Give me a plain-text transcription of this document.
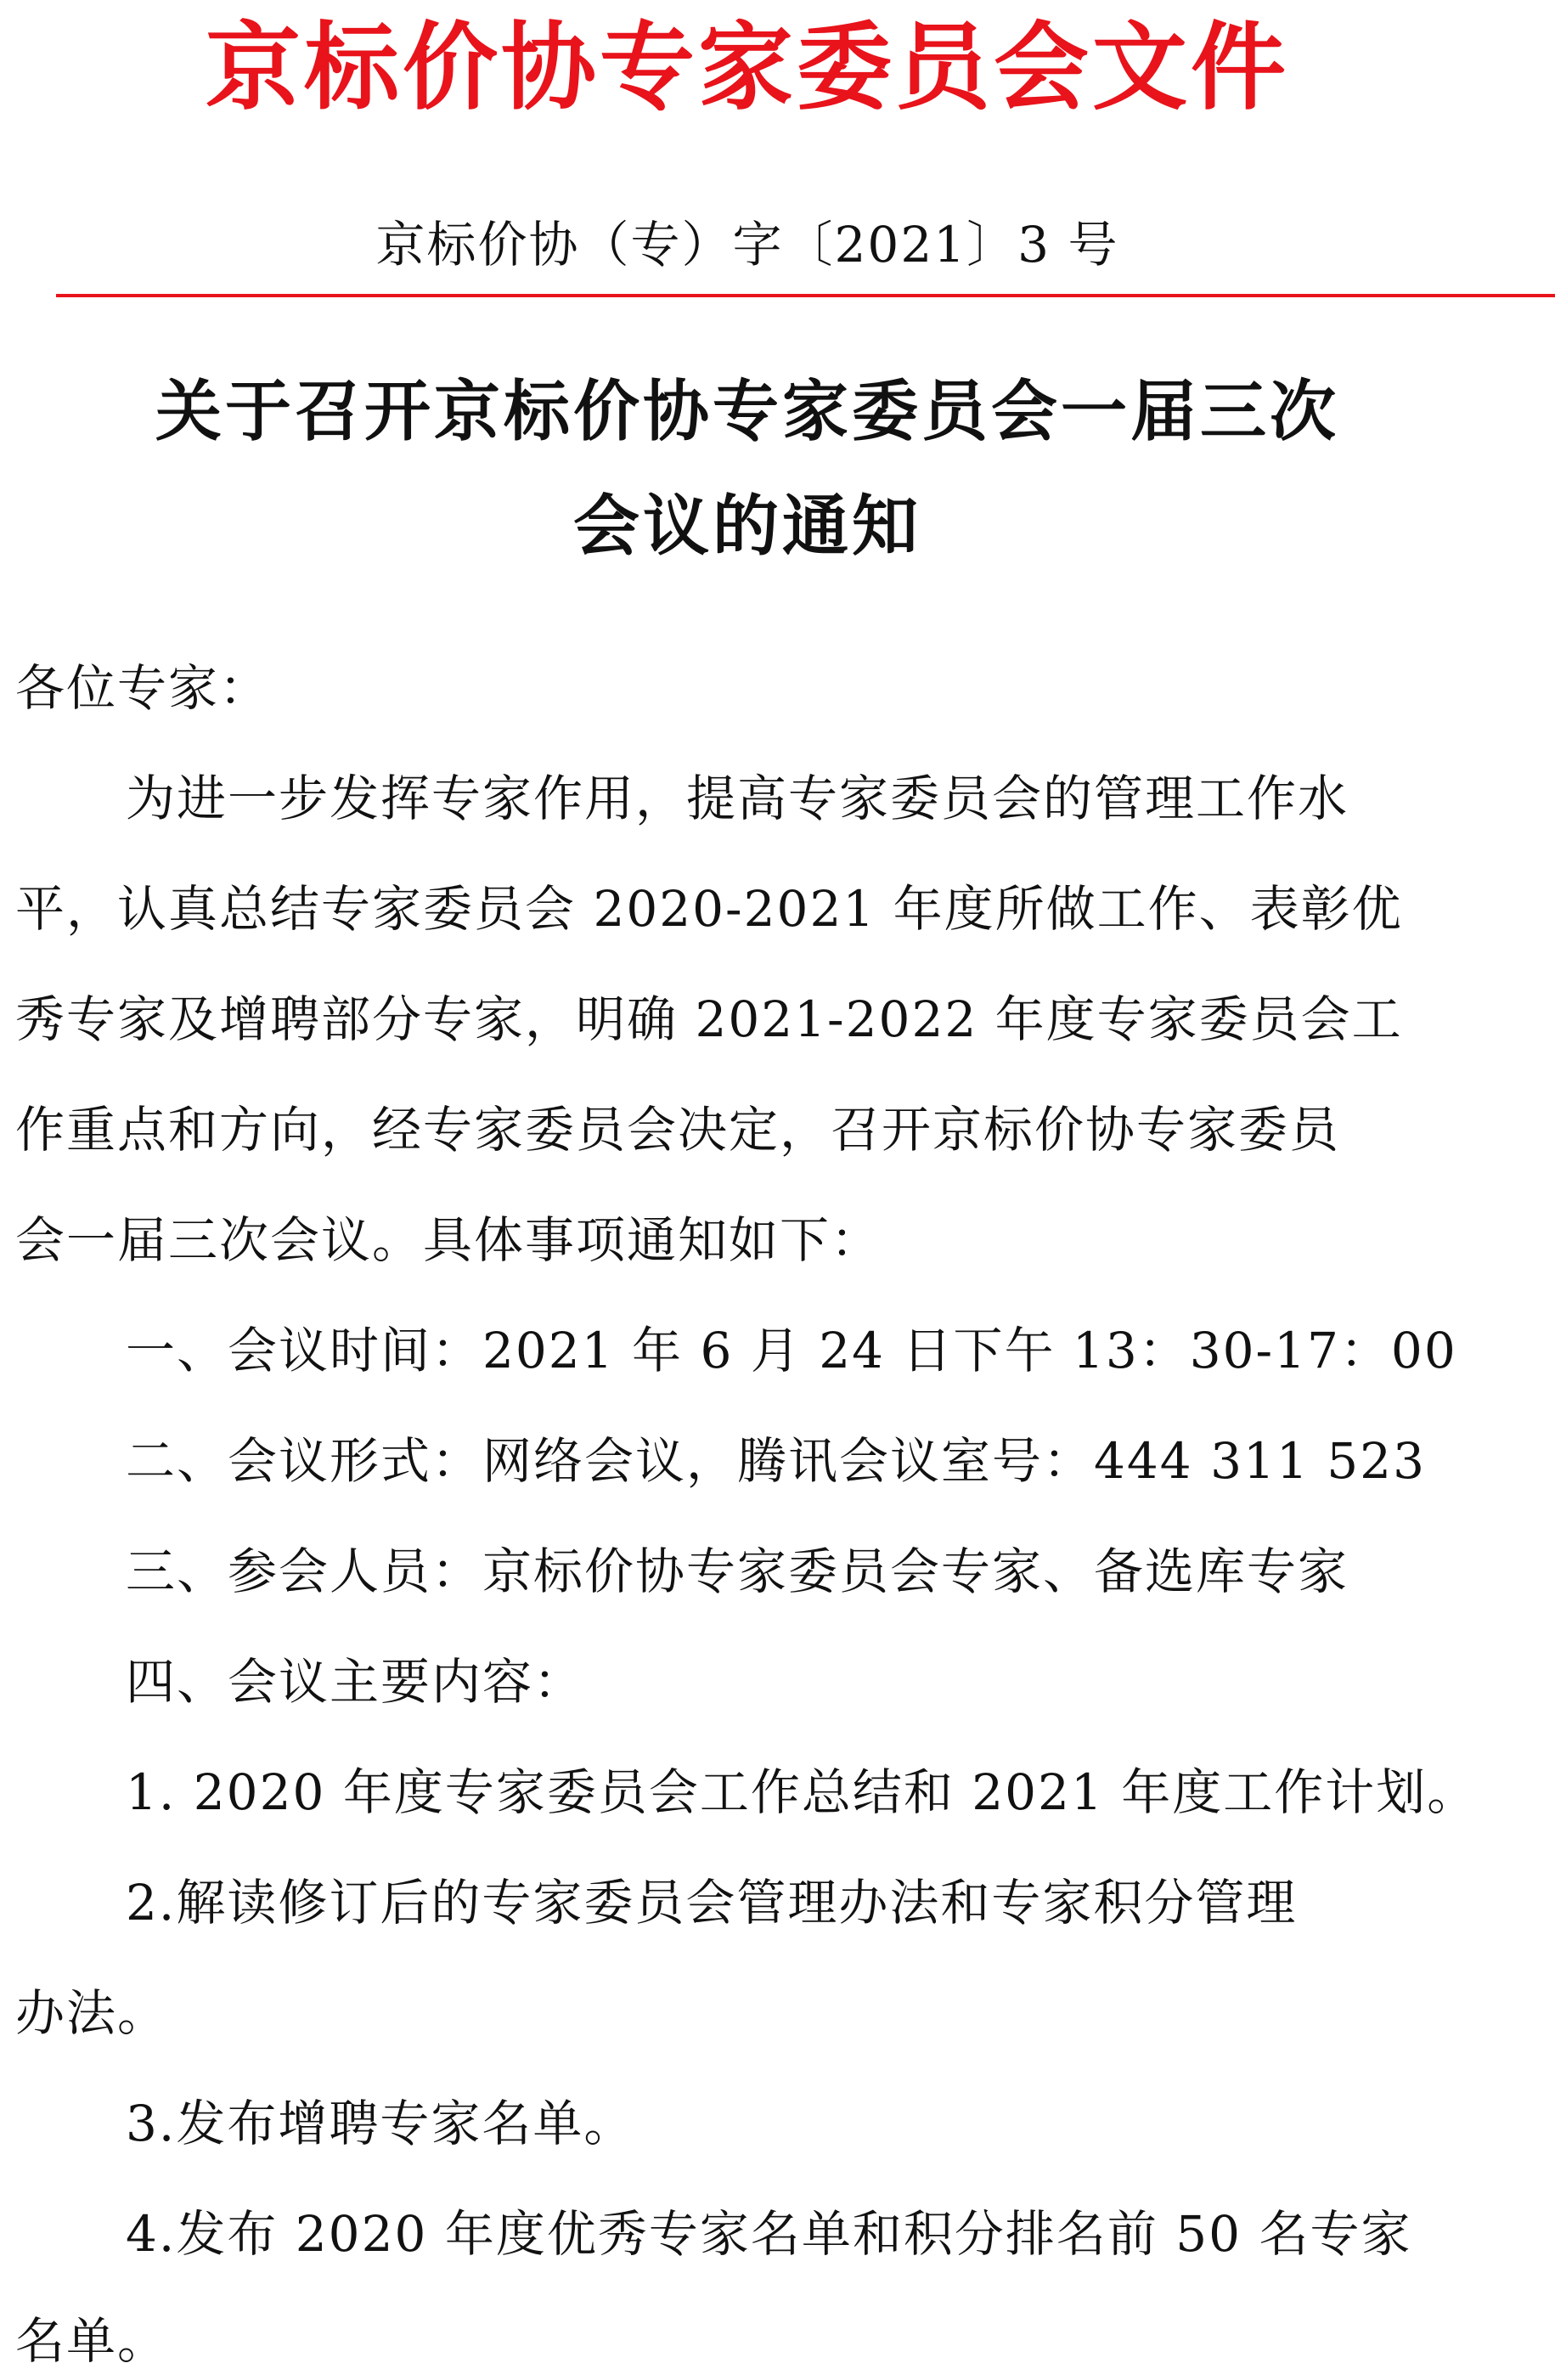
京标价协专家委员会文件
京标价协（专）字〔2021〕3 号
关于召开京标价协专家委员会一届三次
会议的通知
各位专家：
为进一步发挥专家作用，提高专家委员会的管理工作水
平，认真总结专家委员会 2020-2021 年度所做工作、表彰优
秀专家及增聘部分专家，明确 2021-2022 年度专家委员会工
作重点和方向，经专家委员会决定，召开京标价协专家委员
会一届三次会议。具体事项通知如下：
一、会议时间：2021 年 6 月 24 日下午 13：30-17：00
二、会议形式：网络会议，腾讯会议室号：444 311 523
三、参会人员：京标价协专家委员会专家、备选库专家
四、会议主要内容：
1. 2020 年度专家委员会工作总结和 2021 年度工作计划。
2.解读修订后的专家委员会管理办法和专家积分管理
办法。
3.发布增聘专家名单。
4.发布 2020 年度优秀专家名单和积分排名前 50 名专家
名单。
